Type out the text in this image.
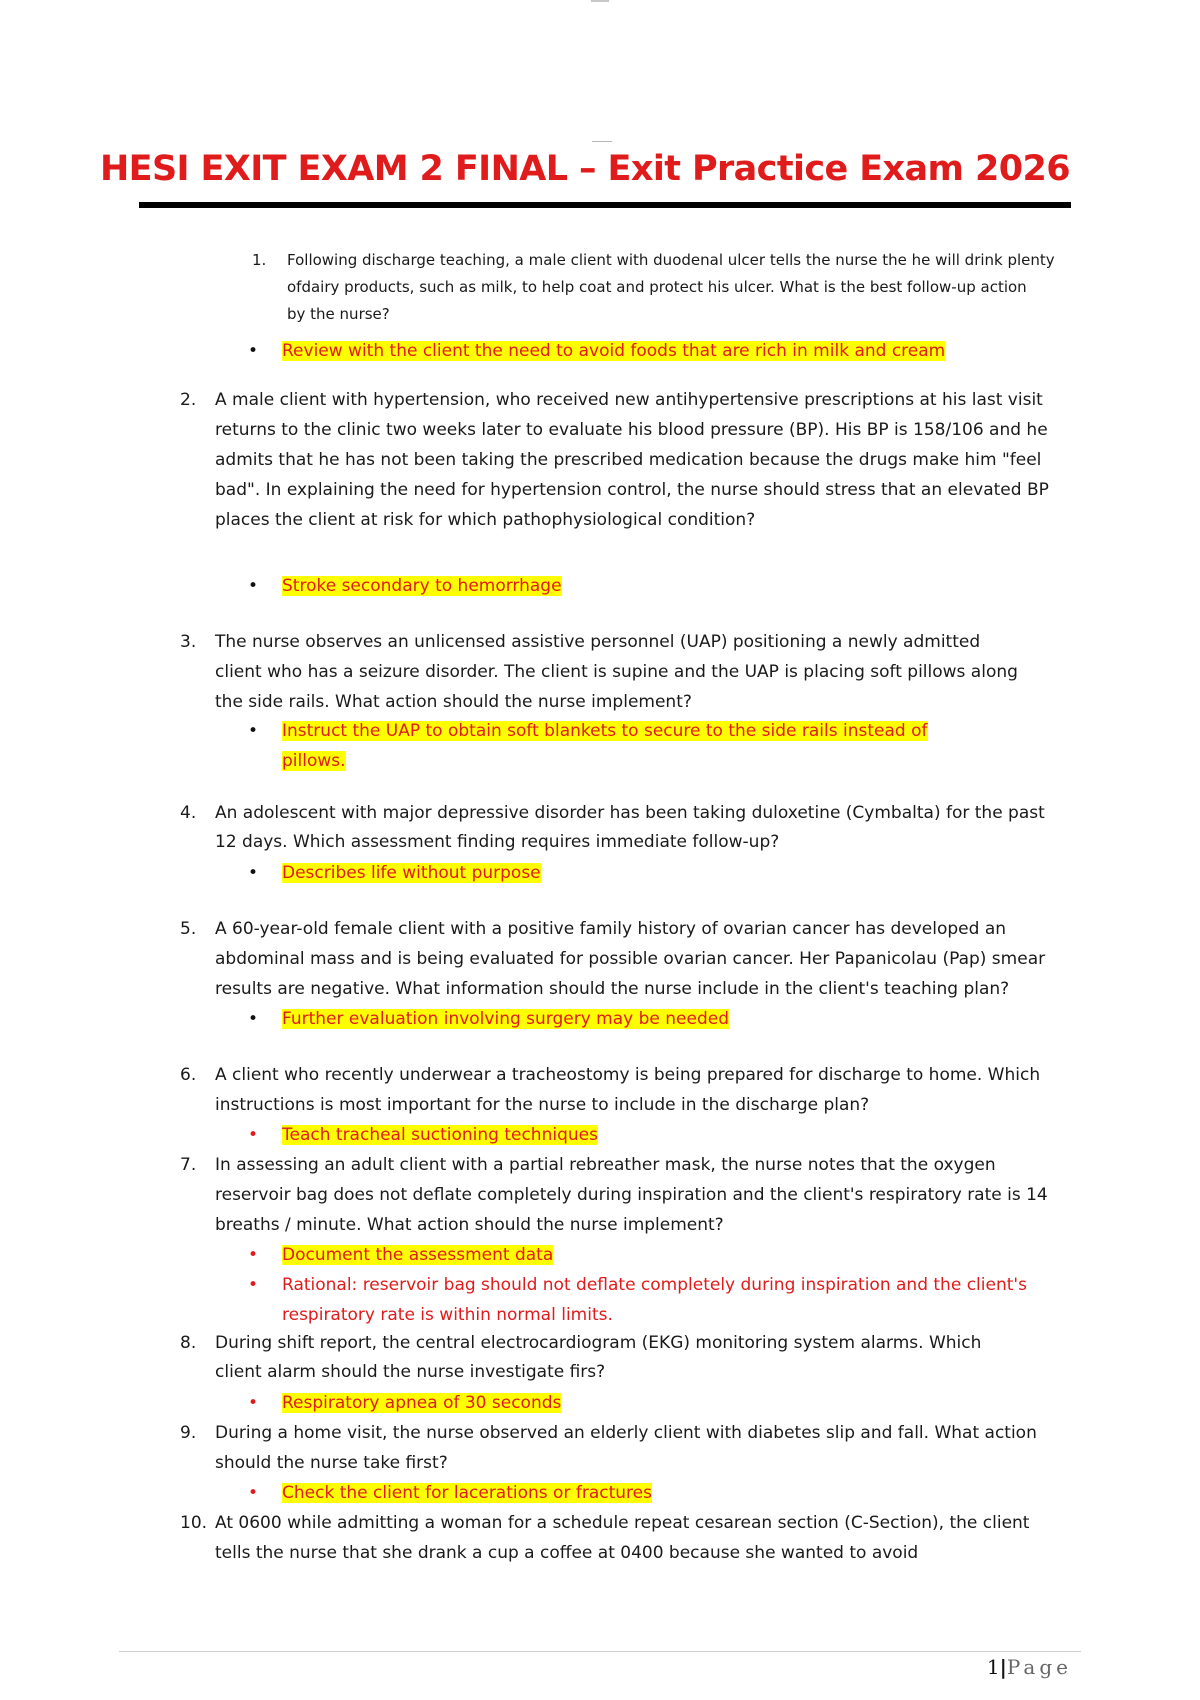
HESI EXIT EXAM 2 FINAL – Exit Practice Exam 2026
1. Following discharge teaching, a male client with duodenal ulcer tells the nurse the he will drink plenty
ofdairy products, such as milk, to help coat and protect his ulcer. What is the best follow-up action
by the nurse?
• Review with the client the need to avoid foods that are rich in milk and cream
2. A male client with hypertension, who received new antihypertensive prescriptions at his last visit
returns to the clinic two weeks later to evaluate his blood pressure (BP). His BP is 158/106 and he
admits that he has not been taking the prescribed medication because the drugs make him "feel
bad". In explaining the need for hypertension control, the nurse should stress that an elevated BP
places the client at risk for which pathophysiological condition?
• Stroke secondary to hemorrhage
3. The nurse observes an unlicensed assistive personnel (UAP) positioning a newly admitted
client who has a seizure disorder. The client is supine and the UAP is placing soft pillows along
the side rails. What action should the nurse implement?
• Instruct the UAP to obtain soft blankets to secure to the side rails instead of
pillows.
4. An adolescent with major depressive disorder has been taking duloxetine (Cymbalta) for the past
12 days. Which assessment finding requires immediate follow-up?
• Describes life without purpose
5. A 60-year-old female client with a positive family history of ovarian cancer has developed an
abdominal mass and is being evaluated for possible ovarian cancer. Her Papanicolau (Pap) smear
results are negative. What information should the nurse include in the client's teaching plan?
• Further evaluation involving surgery may be needed
6. A client who recently underwear a tracheostomy is being prepared for discharge to home. Which
instructions is most important for the nurse to include in the discharge plan?
• Teach tracheal suctioning techniques
7. In assessing an adult client with a partial rebreather mask, the nurse notes that the oxygen
reservoir bag does not deflate completely during inspiration and the client's respiratory rate is 14
breaths / minute. What action should the nurse implement?
• Document the assessment data
• Rational: reservoir bag should not deflate completely during inspiration and the client's
respiratory rate is within normal limits.
8. During shift report, the central electrocardiogram (EKG) monitoring system alarms. Which
client alarm should the nurse investigate firs?
• Respiratory apnea of 30 seconds
9. During a home visit, the nurse observed an elderly client with diabetes slip and fall. What action
should the nurse take first?
• Check the client for lacerations or fractures
10. At 0600 while admitting a woman for a schedule repeat cesarean section (C-Section), the client
tells the nurse that she drank a cup a coffee at 0400 because she wanted to avoid
1|Page
